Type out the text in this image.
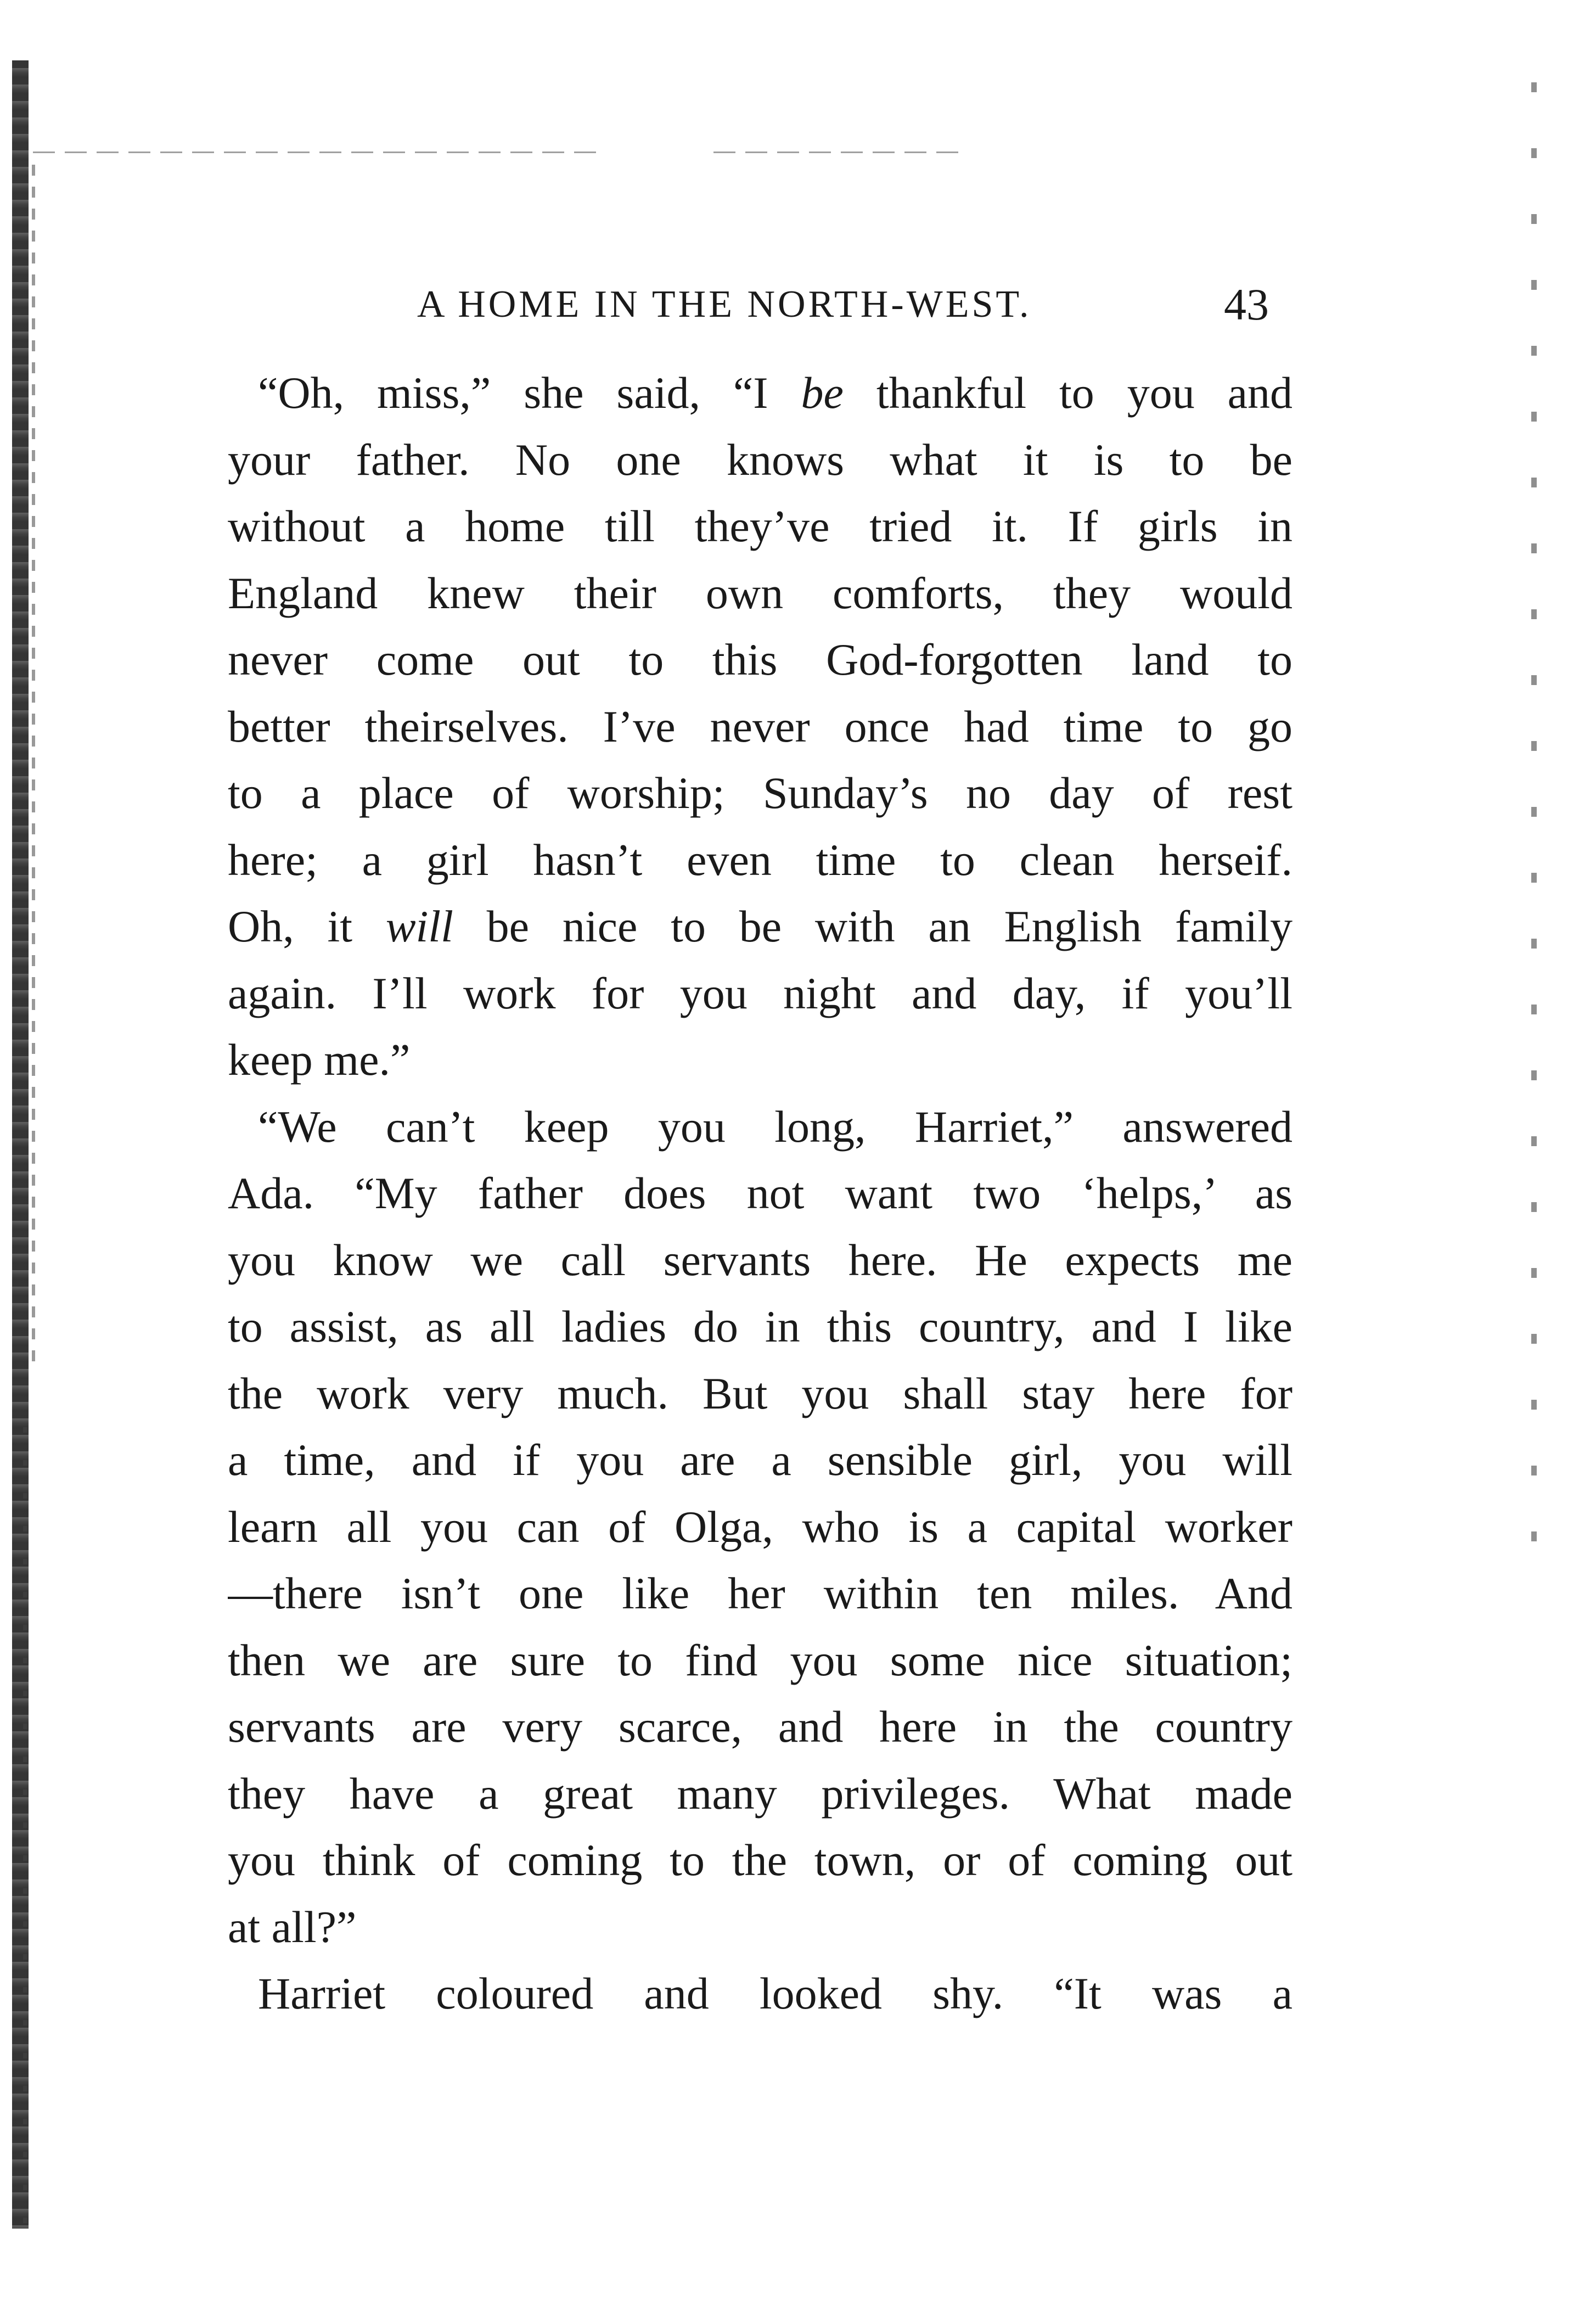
A HOME IN THE NORTH-WEST.	43
“Oh, miss,” she said, “I be thankful to you and
your father. No one knows what it is to be
without a home till they’ve tried it. If girls in
England knew their own comforts, they would
never come out to this God-forgotten land to
better theirselves. I’ve never once had time to go
to a place of worship; Sunday’s no day of rest
here; a girl hasn’t even time to clean herseif.
Oh, it will be nice to be with an English family
again. I’ll work for you night and day, if you’ll
keep me.”
“We can’t keep you long, Harriet,” answered
Ada. “My father does not want two ‘helps,’ as
you know we call servants here. He expects me
to assist, as all ladies do in this country, and I like
the work very much. But you shall stay here for
a time, and if you are a sensible girl, you will
learn all you can of Olga, who is a capital worker
—there isn’t one like her within ten miles. And
then we are sure to find you some nice situation;
servants are very scarce, and here in the country
they have a great many privileges. What made
you think of coming to the town, or of coming out
at all?”
Harriet coloured and looked shy. “It was a
